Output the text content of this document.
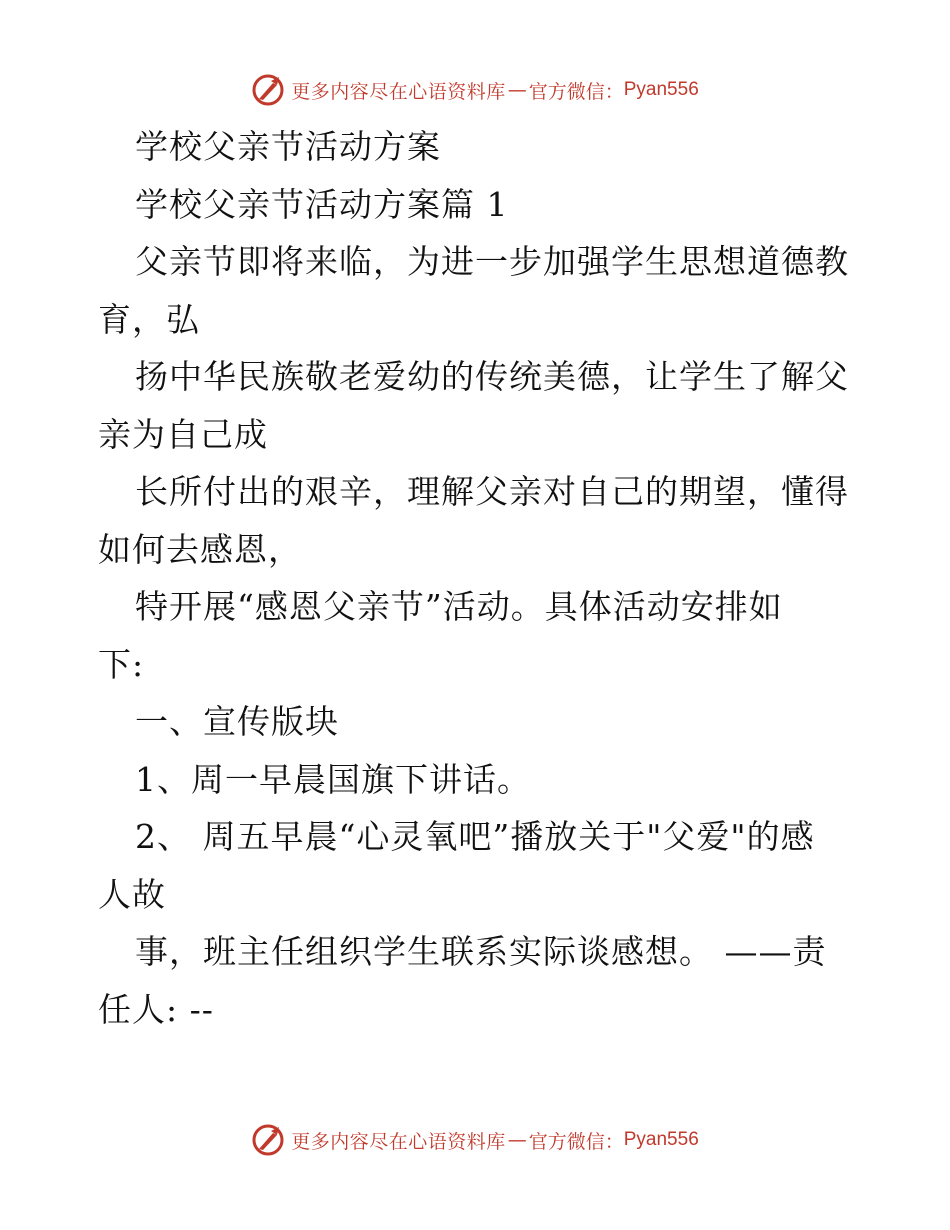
更多内容尽在心语资料库 — 官方微信： Pyan556
学校父亲节活动方案
学校父亲节活动方案篇 1
父亲节即将来临，为进一步加强学生思想道德教
育，弘
扬中华民族敬老爱幼的传统美德，让学生了解父
亲为自己成
长所付出的艰辛，理解父亲对自己的期望，懂得
如何去感恩，
特开展“感恩父亲节”活动。具体活动安排如
下:
一、宣传版块
1、周一早晨国旗下讲话。
2、 周五早晨“心灵氧吧”播放关于"父爱"的感
人故
事，班主任组织学生联系实际谈感想。 ——责
任人: --
更多内容尽在心语资料库 — 官方微信： Pyan556
